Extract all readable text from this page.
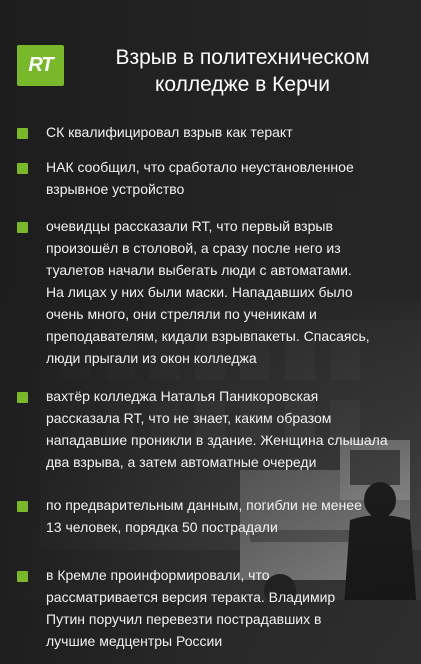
RT	Взрыв в политехническом
колледже в Керчи
СК квалифицировал взрыв как теракт
НАК сообщил, что сработало неустановленное
взрывное устройство
очевидцы рассказали RT, что первый взрыв
произошёл в столовой, а сразу после него из
туалетов начали выбегать люди с автоматами.
На лицах у них были маски. Нападавших было
очень много, они стреляли по ученикам и
преподавателям, кидали взрывпакеты. Спасаясь,
люди прыгали из окон колледжа
вахтёр колледжа Наталья Паникоровская
рассказала RT, что не знает, каким образом
нападавшие проникли в здание. Женщина слышала
два взрыва, а затем автоматные очереди
по предварительным данным, погибли не менее
13 человек, порядка 50 пострадали
в Кремле проинформировали, что
рассматривается версия теракта. Владимир
Путин поручил перевезти пострадавших в
лучшие медцентры России
